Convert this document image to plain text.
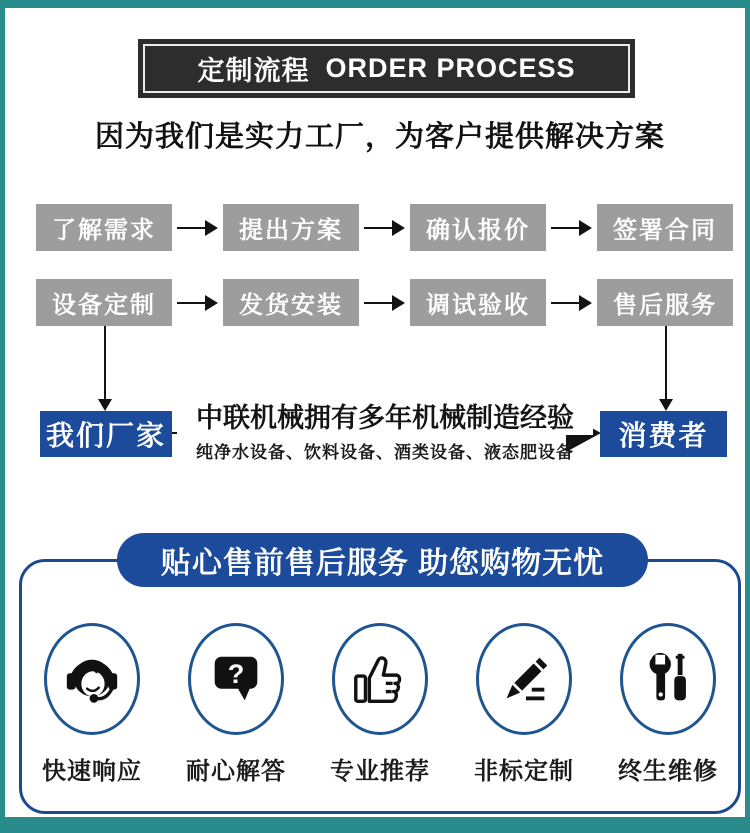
定制流程 ORDER PROCESS
因为我们是实力工厂，为客户提供解决方案
了解需求	提出方案	确认报价	签署合同
设备定制	发货安装	调试验收	售后服务
我们厂家	消费者
中联机械拥有多年机械制造经验
纯净水设备、饮料设备、酒类设备、液态肥设备
贴心售前售后服务 助您购物无忧
快速响应
?
耐心解答 专业推荐 非标定制 终生维修
